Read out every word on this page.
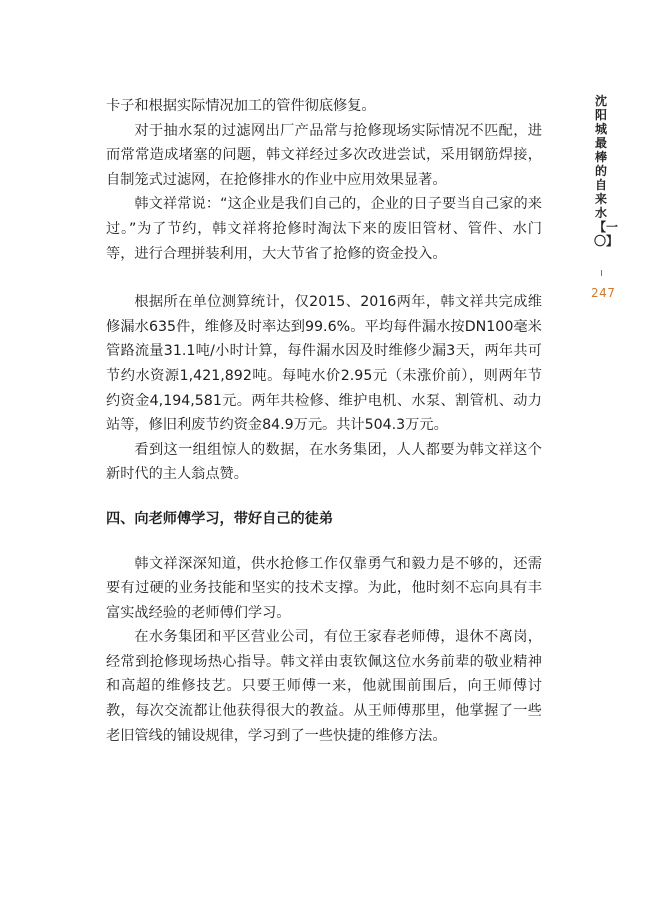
卡子和根据实际情况加工的管件彻底修复。

对于抽水泵的过滤网出厂产品常与抢修现场实际情况不匹配，进而常常造成堵塞的问题，韩文祥经过多次改进尝试，采用钢筋焊接，自制笼式过滤网，在抢修排水的作业中应用效果显著。

韩文祥常说：“这企业是我们自己的，企业的日子要当自己家的来过。”为了节约，韩文祥将抢修时淘汰下来的废旧管材、管件、水门等，进行合理拼装利用，大大节省了抢修的资金投入。

根据所在单位测算统计，仅2015、2016两年，韩文祥共完成维修漏水635件，维修及时率达到99.6%。平均每件漏水按DN100毫米管路流量31.1吨/小时计算，每件漏水因及时维修少漏3天，两年共可节约水资源1,421,892吨。每吨水价2.95元（未涨价前），则两年节约资金4,194,581元。两年共检修、维护电机、水泵、割管机、动力站等，修旧利废节约资金84.9万元。共计504.3万元。

看到这一组组惊人的数据，在水务集团，人人都要为韩文祥这个新时代的主人翁点赞。

四、向老师傅学习，带好自己的徒弟

韩文祥深深知道，供水抢修工作仅靠勇气和毅力是不够的，还需要有过硬的业务技能和坚实的技术支撑。为此，他时刻不忘向具有丰富实战经验的老师傅们学习。

在水务集团和平区营业公司，有位王家春老师傅，退休不离岗，经常到抢修现场热心指导。韩文祥由衷钦佩这位水务前辈的敬业精神和高超的维修技艺。只要王师傅一来，他就围前围后，向王师傅讨教，每次交流都让他获得很大的教益。从王师傅那里，他掌握了一些老旧管线的铺设规律，学习到了一些快捷的维修方法。

沈阳城最棒的自来水【一〇】
247
